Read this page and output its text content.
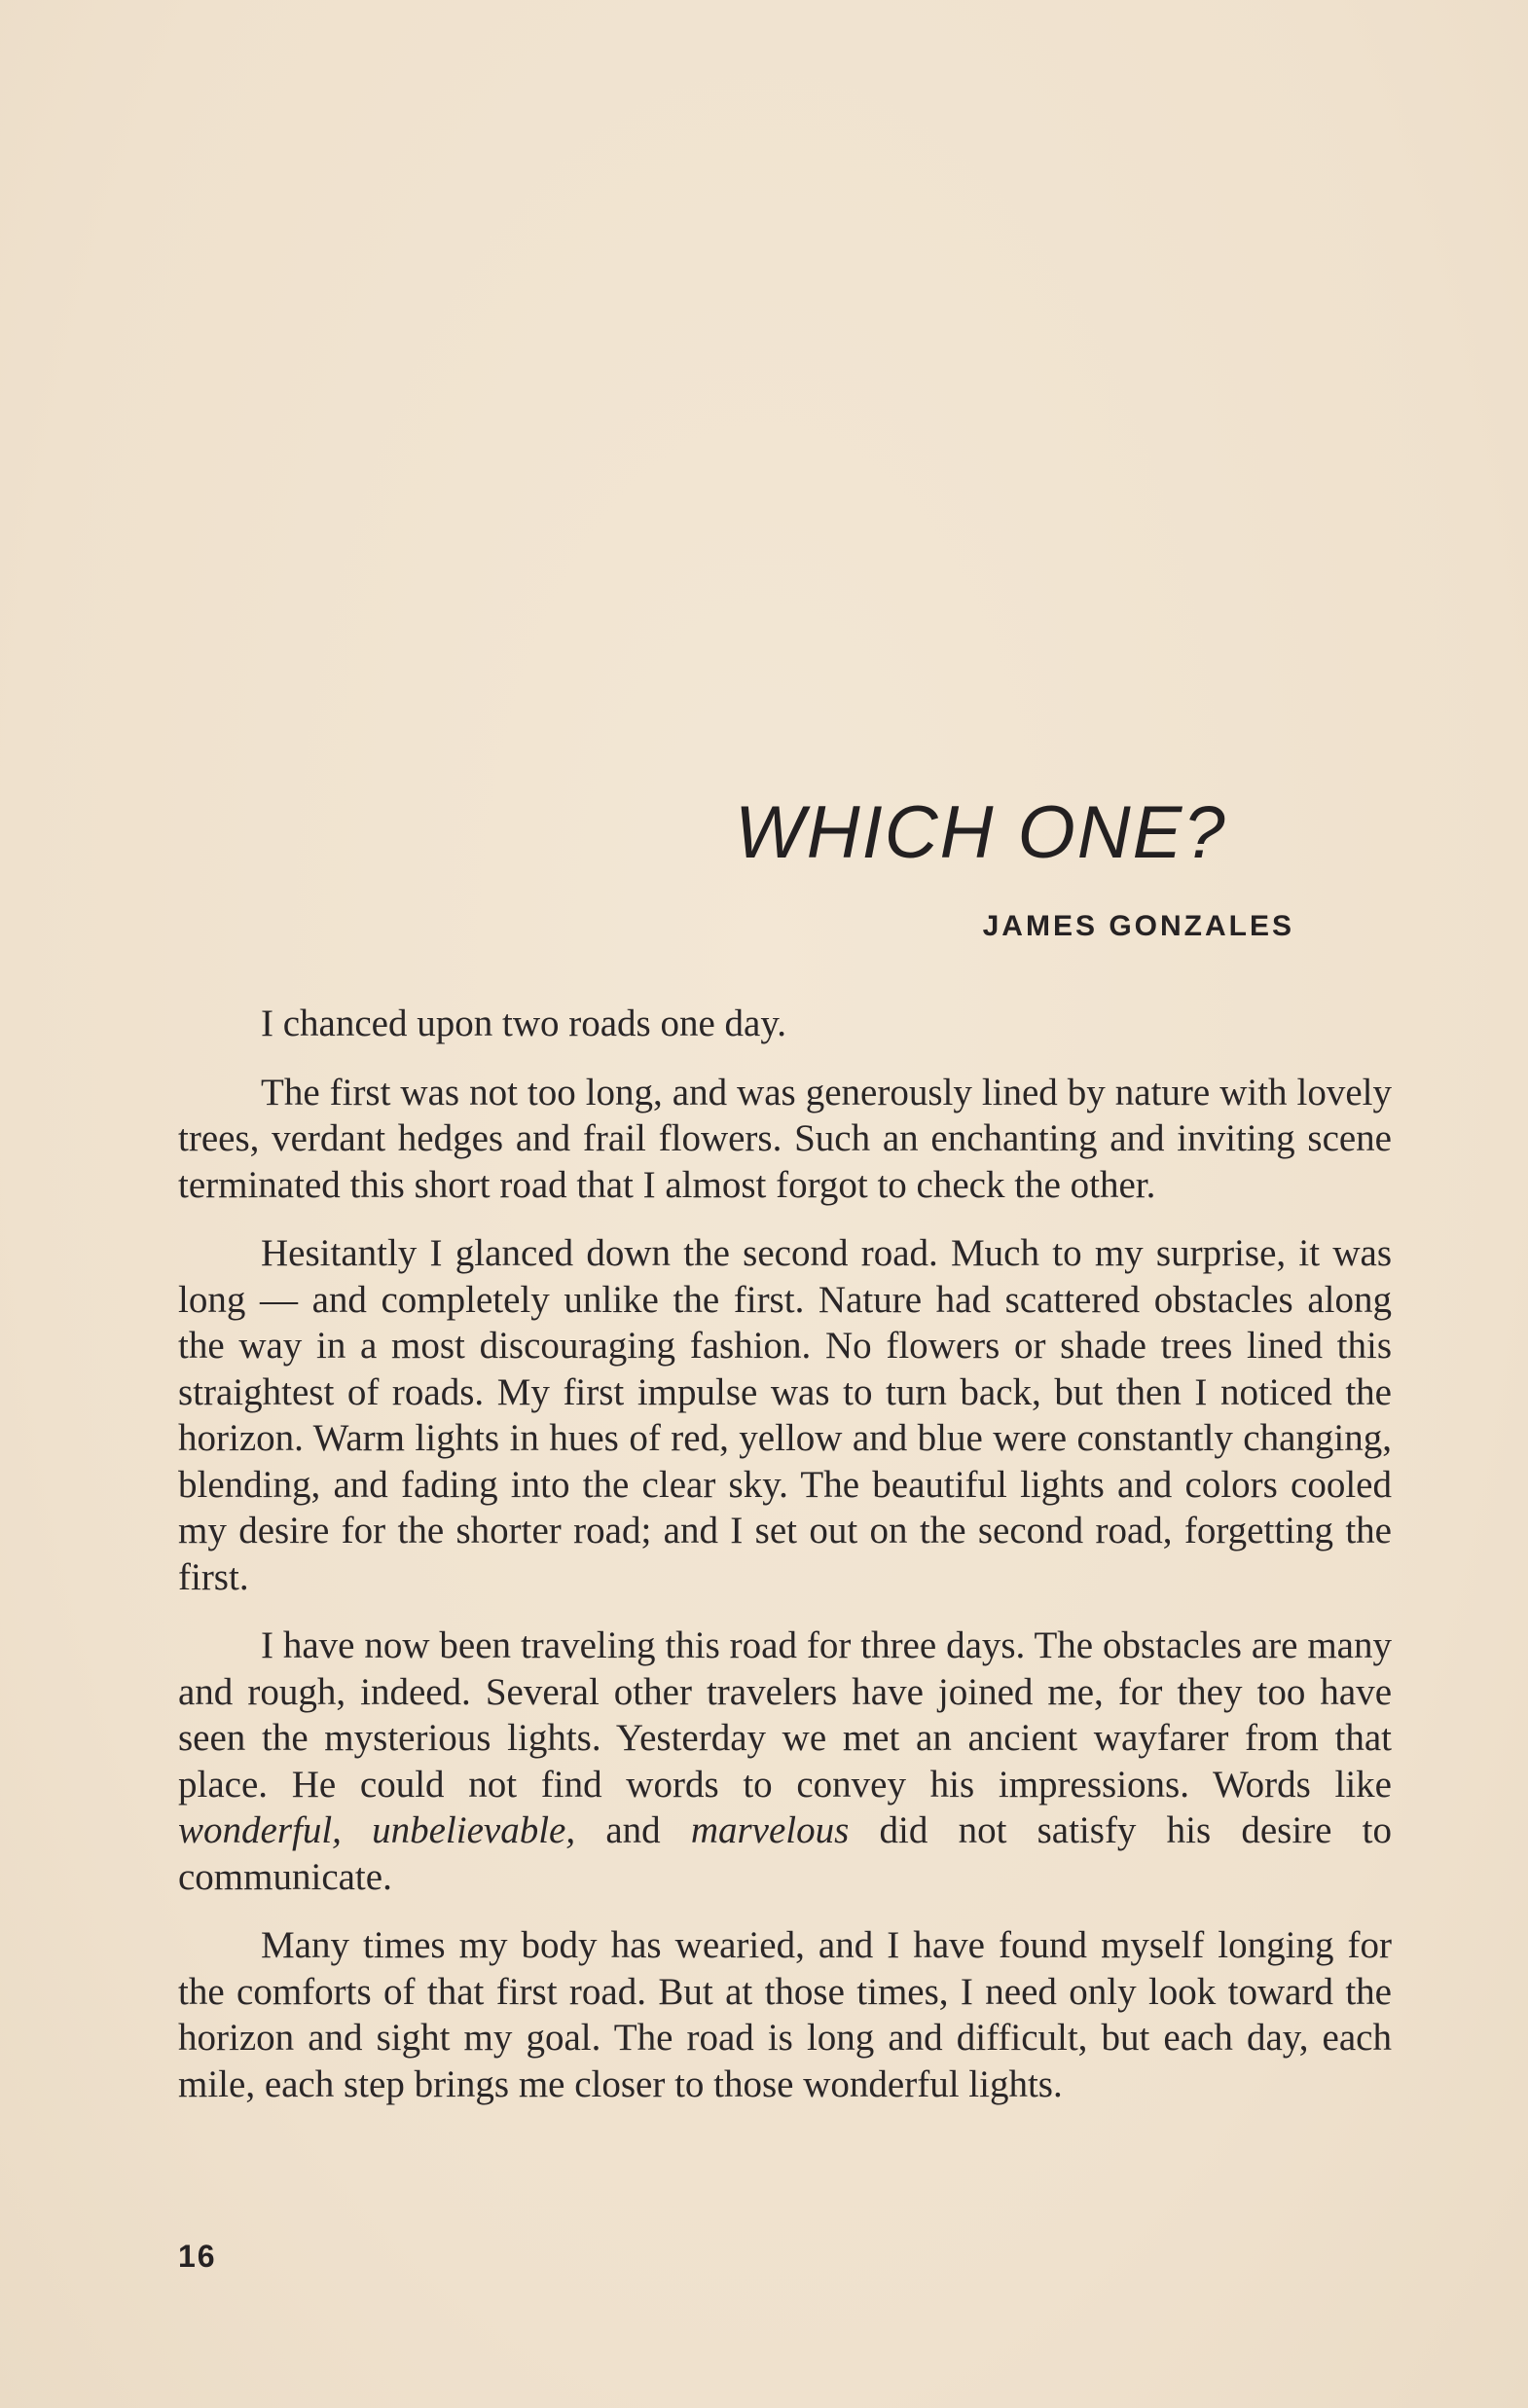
WHICH ONE?
JAMES GONZALES

I chanced upon two roads one day.

The first was not too long, and was generously lined by nature with lovely trees, verdant hedges and frail flowers. Such an enchanting and inviting scene terminated this short road that I almost forgot to check the other.

Hesitantly I glanced down the second road. Much to my surprise, it was long — and completely unlike the first. Nature had scattered obstacles along the way in a most discouraging fashion. No flowers or shade trees lined this straightest of roads. My first impulse was to turn back, but then I noticed the horizon. Warm lights in hues of red, yellow and blue were constantly changing, blending, and fading into the clear sky. The beautiful lights and colors cooled my desire for the shorter road; and I set out on the second road, forgetting the first.

I have now been traveling this road for three days. The obstacles are many and rough, indeed. Several other travelers have joined me, for they too have seen the mysterious lights. Yesterday we met an ancient wayfarer from that place. He could not find words to convey his impressions. Words like wonderful, unbelievable, and marvelous did not satisfy his desire to communicate.

Many times my body has wearied, and I have found myself longing for the comforts of that first road. But at those times, I need only look toward the horizon and sight my goal. The road is long and difficult, but each day, each mile, each step brings me closer to those wonderful lights.

16
